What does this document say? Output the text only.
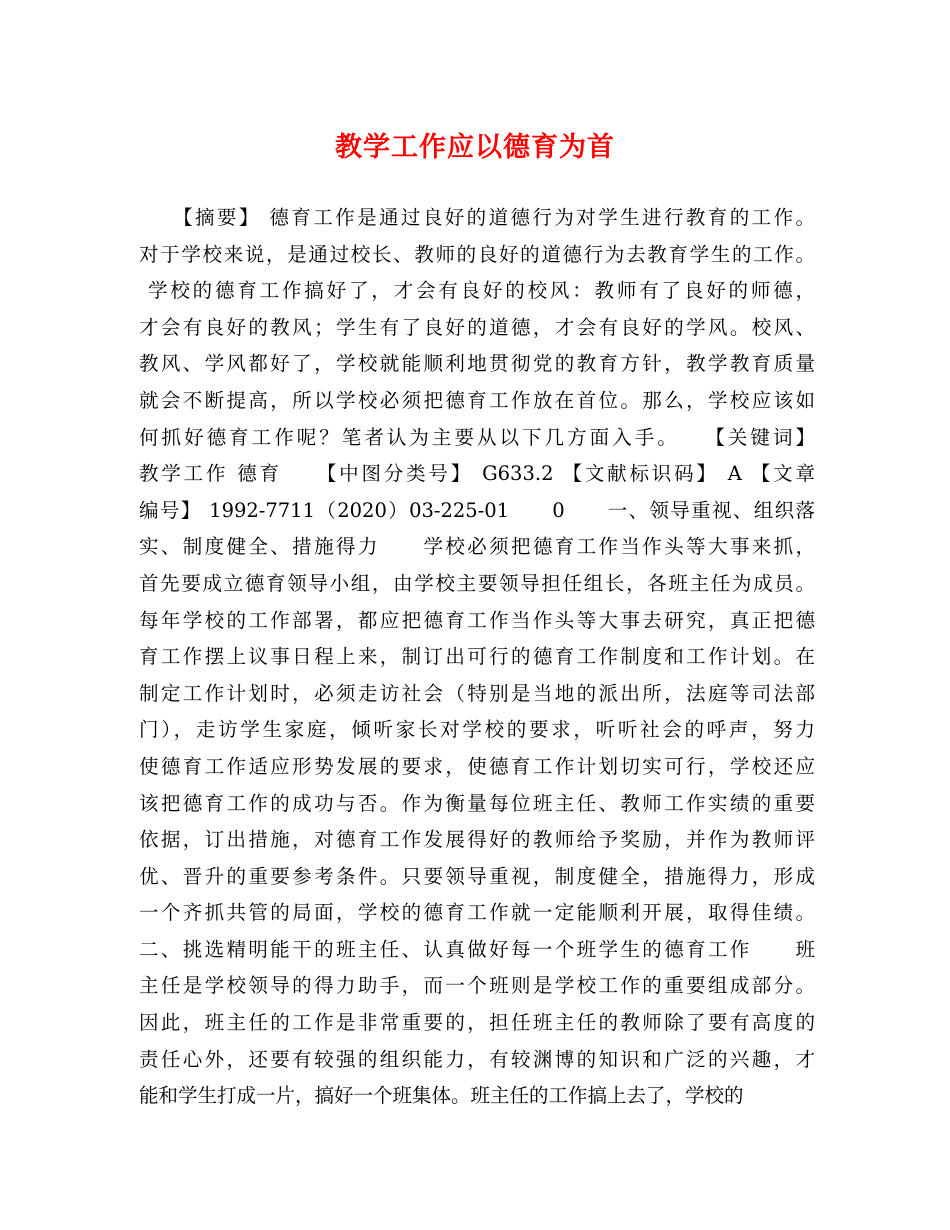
教学工作应以德育为首
　　【摘要】 德育工作是通过良好的道德行为对学生进行教育的工作。
对于学校来说，是通过校长、教师的良好的道德行为去教育学生的工作。
学校的德育工作搞好了，才会有良好的校风：教师有了良好的师德，
才会有良好的教风；学生有了良好的道德，才会有良好的学风。校风、
教风、学风都好了，学校就能顺利地贯彻党的教育方针，教学教育质量
就会不断提高，所以学校必须把德育工作放在首位。那么，学校应该如
何抓好德育工作呢？笔者认为主要从以下几方面入手。　　【关键词】
教学工作 德育　　【中图分类号】 G633.2 【文献标识码】 A 【文章
编号】 1992-7711（2020）03-225-01　　0　　一、领导重视、组织落
实、制度健全、措施得力　　学校必须把德育工作当作头等大事来抓，
首先要成立德育领导小组，由学校主要领导担任组长，各班主任为成员。
每年学校的工作部署，都应把德育工作当作头等大事去研究，真正把德
育工作摆上议事日程上来，制订出可行的德育工作制度和工作计划。在
制定工作计划时，必须走访社会（特别是当地的派出所，法庭等司法部
门），走访学生家庭，倾听家长对学校的要求，听听社会的呼声，努力
使德育工作适应形势发展的要求，使德育工作计划切实可行，学校还应
该把德育工作的成功与否。作为衡量每位班主任、教师工作实绩的重要
依据，订出措施，对德育工作发展得好的教师给予奖励，并作为教师评
优、晋升的重要参考条件。只要领导重视，制度健全，措施得力，形成
一个齐抓共管的局面，学校的德育工作就一定能顺利开展，取得佳绩。
二、挑选精明能干的班主任、认真做好每一个班学生的德育工作　　班
主任是学校领导的得力助手，而一个班则是学校工作的重要组成部分。
因此，班主任的工作是非常重要的，担任班主任的教师除了要有高度的
责任心外，还要有较强的组织能力，有较渊博的知识和广泛的兴趣，才
能和学生打成一片，搞好一个班集体。班主任的工作搞上去了，学校的
